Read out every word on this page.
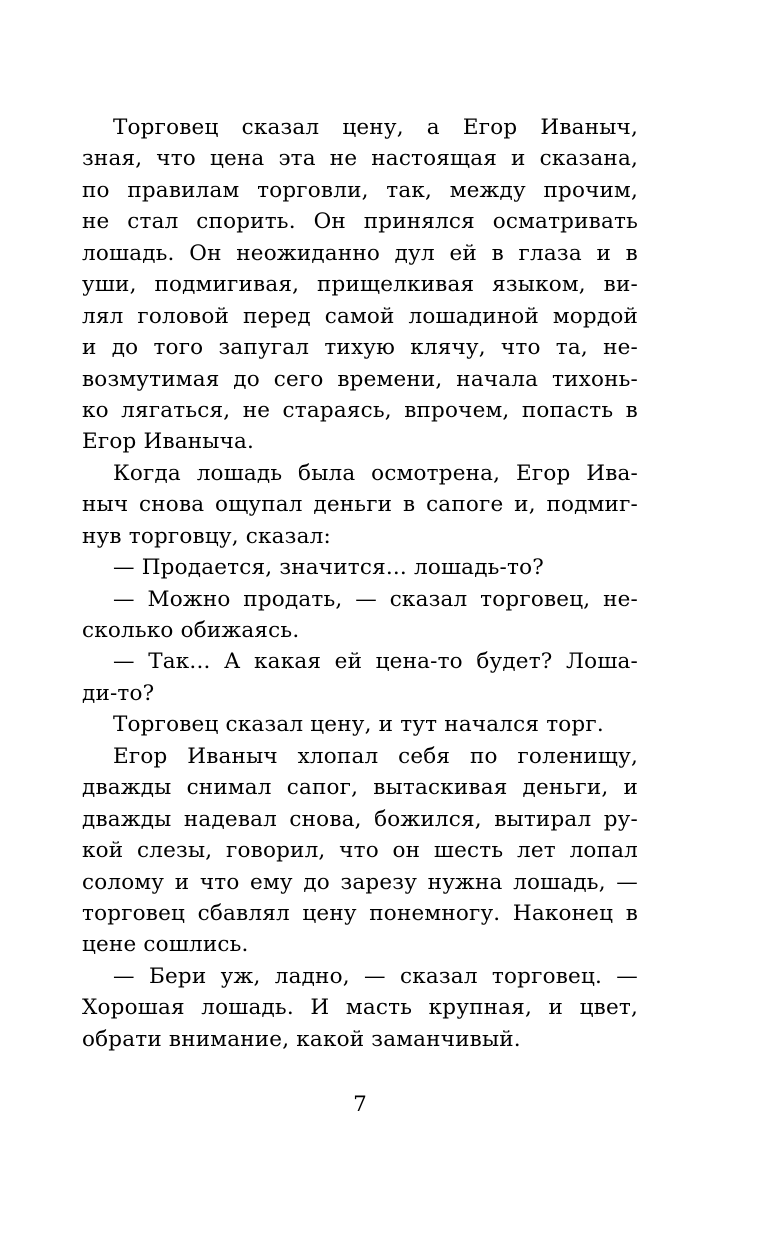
Торговец сказал цену, а Егор Иваныч,
зная, что цена эта не настоящая и сказана,
по правилам торговли, так, между прочим,
не стал спорить. Он принялся осматривать
лошадь. Он неожиданно дул ей в глаза и в
уши, подмигивая, прищелкивая языком, ви-
лял головой перед самой лошадиной мордой
и до того запугал тихую клячу, что та, не-
возмутимая до сего времени, начала тихонь-
ко лягаться, не стараясь, впрочем, попасть в
Егор Иваныча.

Когда лошадь была осмотрена, Егор Ива-
ныч снова ощупал деньги в сапоге и, подмиг-
нув торговцу, сказал:

— Продается, значится... лошадь-то?

— Можно продать, — сказал торговец, не-
сколько обижаясь.

— Так... А какая ей цена-то будет? Лоша-
ди-то?

Торговец сказал цену, и тут начался торг.

Егор Иваныч хлопал себя по голенищу,
дважды снимал сапог, вытаскивая деньги, и
дважды надевал снова, божился, вытирал ру-
кой слезы, говорил, что он шесть лет лопал
солому и что ему до зарезу нужна лошадь, —
торговец сбавлял цену понемногу. Наконец в
цене сошлись.

— Бери уж, ладно, — сказал торговец. —
Хорошая лошадь. И масть крупная, и цвет,
обрати внимание, какой заманчивый.

7
